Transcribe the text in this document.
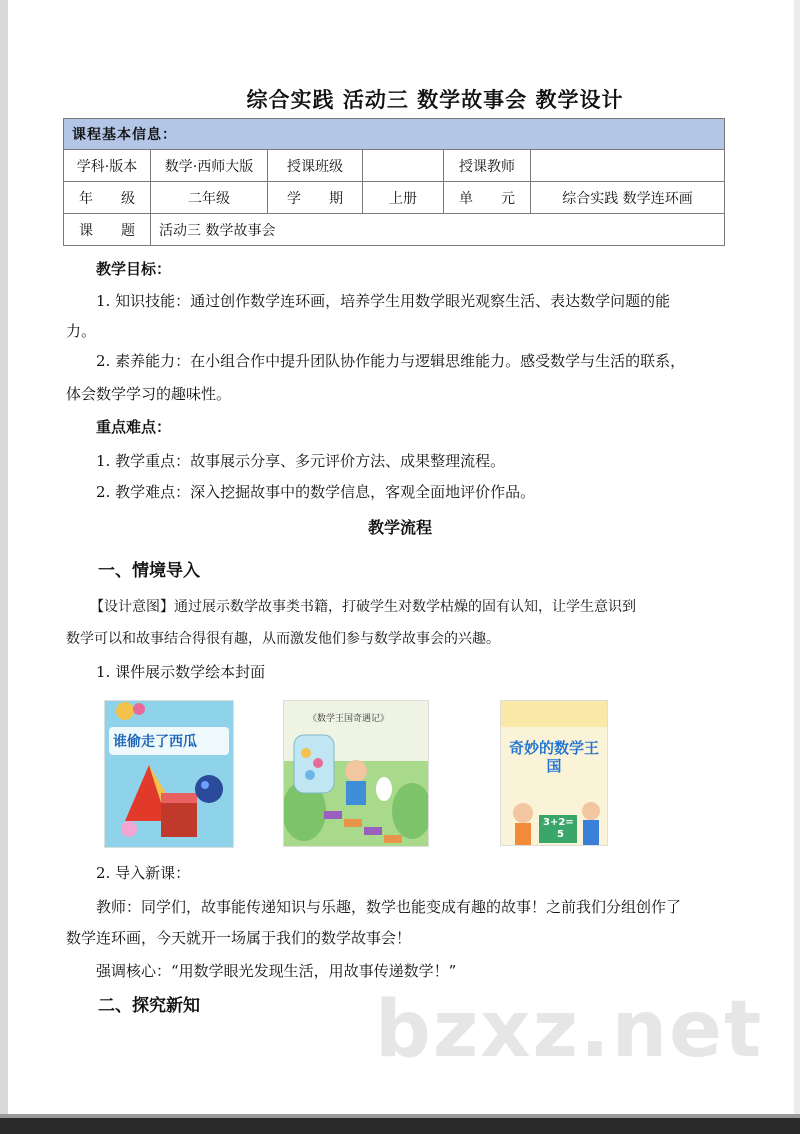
综合实践 活动三 数学故事会 教学设计
课程基本信息：					
学科·版本	数学·西师大版	授课班级		授课教师	
年　　级	二年级	学　　期	上册	单　　元	综合实践 数学连环画
课　　题	活动三 数学故事会				
教学目标：
1. 知识技能：通过创作数学连环画，培养学生用数学眼光观察生活、表达数学问题的能
力。
2. 素养能力：在小组合作中提升团队协作能力与逻辑思维能力。感受数学与生活的联系，
体会数学学习的趣味性。
重点难点：
1. 教学重点：故事展示分享、多元评价方法、成果整理流程。
2. 教学难点：深入挖掘故事中的数学信息，客观全面地评价作品。
教学流程
一、情境导入
【设计意图】通过展示数学故事类书籍，打破学生对数学枯燥的固有认知，让学生意识到
数学可以和故事结合得很有趣，从而激发他们参与数学故事会的兴趣。
1. 课件展示数学绘本封面
谁偷走了西瓜
《数学王国奇遇记》
奇妙的数学王国
3+2=
5
2. 导入新课：
教师：同学们，故事能传递知识与乐趣，数学也能变成有趣的故事！之前我们分组创作了
数学连环画，今天就开一场属于我们的数学故事会！
强调核心：“用数学眼光发现生活，用故事传递数学！”
二、探究新知 bzxz.net
